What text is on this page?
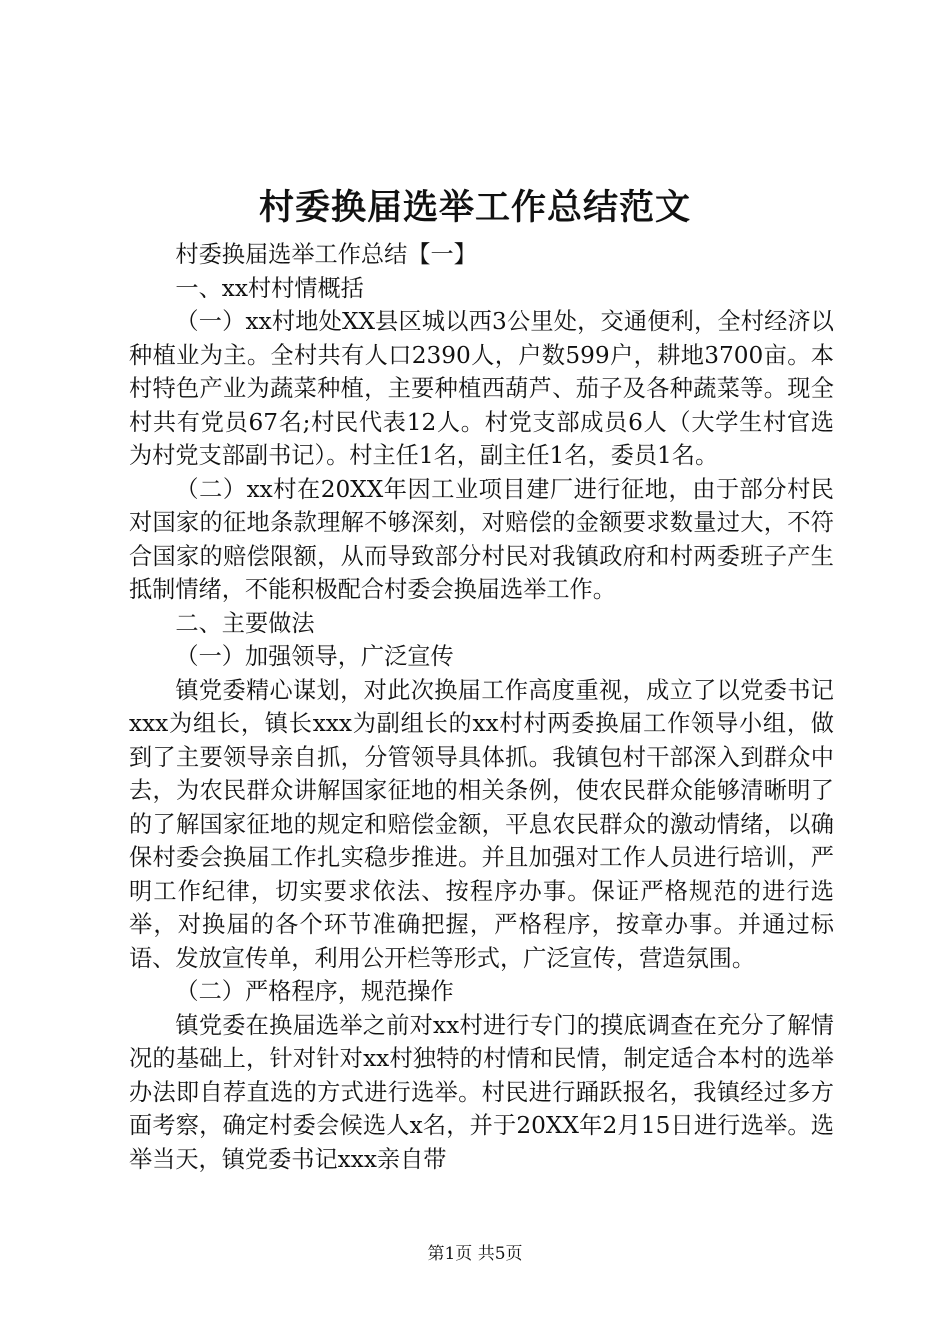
村委换届选举工作总结范文

村委换届选举工作总结【一】

一、xx村村情概括

（一）xx村地处XX县区城以西3公里处，交通便利，全村经济以种植业为主。全村共有人口2390人，户数599户，耕地3700亩。本村特色产业为蔬菜种植，主要种植西葫芦、茄子及各种蔬菜等。现全村共有党员67名;村民代表12人。村党支部成员6人（大学生村官选为村党支部副书记）。村主任1名，副主任1名，委员1名。

（二）xx村在20XX年因工业项目建厂进行征地，由于部分村民对国家的征地条款理解不够深刻，对赔偿的金额要求数量过大，不符合国家的赔偿限额，从而导致部分村民对我镇政府和村两委班子产生抵制情绪，不能积极配合村委会换届选举工作。

二、主要做法

（一）加强领导，广泛宣传

镇党委精心谋划，对此次换届工作高度重视，成立了以党委书记xxx为组长，镇长xxx为副组长的xx村村两委换届工作领导小组，做到了主要领导亲自抓，分管领导具体抓。我镇包村干部深入到群众中去，为农民群众讲解国家征地的相关条例，使农民群众能够清晰明了的了解国家征地的规定和赔偿金额，平息农民群众的激动情绪，以确保村委会换届工作扎实稳步推进。并且加强对工作人员进行培训，严明工作纪律，切实要求依法、按程序办事。保证严格规范的进行选举，对换届的各个环节准确把握，严格程序，按章办事。并通过标语、发放宣传单，利用公开栏等形式，广泛宣传，营造氛围。

（二）严格程序，规范操作

镇党委在换届选举之前对xx村进行专门的摸底调查在充分了解情况的基础上，针对针对xx村独特的村情和民情，制定适合本村的选举办法即自荐直选的方式进行选举。村民进行踊跃报名，我镇经过多方面考察，确定村委会候选人x名，并于20XX年2月15日进行选举。选举当天，镇党委书记xxx亲自带

第1页 共5页
